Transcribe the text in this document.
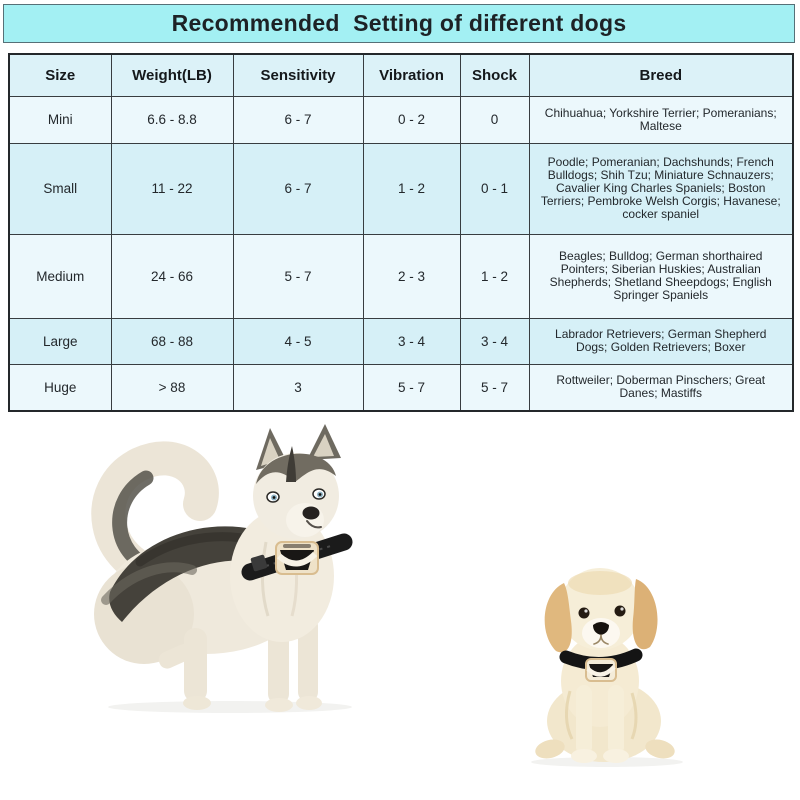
Recommended  Setting of different dogs
Size	Weight(LB)	Sensitivity	Vibration	Shock	Breed
Mini	6.6 - 8.8	6 - 7	0 - 2	0	Chihuahua; Yorkshire Terrier; Pomeranians; Maltese
Small	11 - 22	6 - 7	1 - 2	0 - 1	Poodle; Pomeranian; Dachshunds; French Bulldogs; Shih Tzu; Miniature Schnauzers; Cavalier King Charles Spaniels; Boston Terriers; Pembroke Welsh Corgis; Havanese; cocker spaniel
Medium	24 - 66	5 - 7	2 - 3	1 - 2	Beagles; Bulldog; German shorthaired Pointers; Siberian Huskies; Australian Shepherds; Shetland Sheepdogs; English Springer Spaniels
Large	68 - 88	4 - 5	3 - 4	3 - 4	Labrador Retrievers; German Shepherd Dogs; Golden Retrievers; Boxer
Huge	> 88	3	5 - 7	5 - 7	Rottweiler; Doberman Pinschers; Great Danes; Mastiffs
